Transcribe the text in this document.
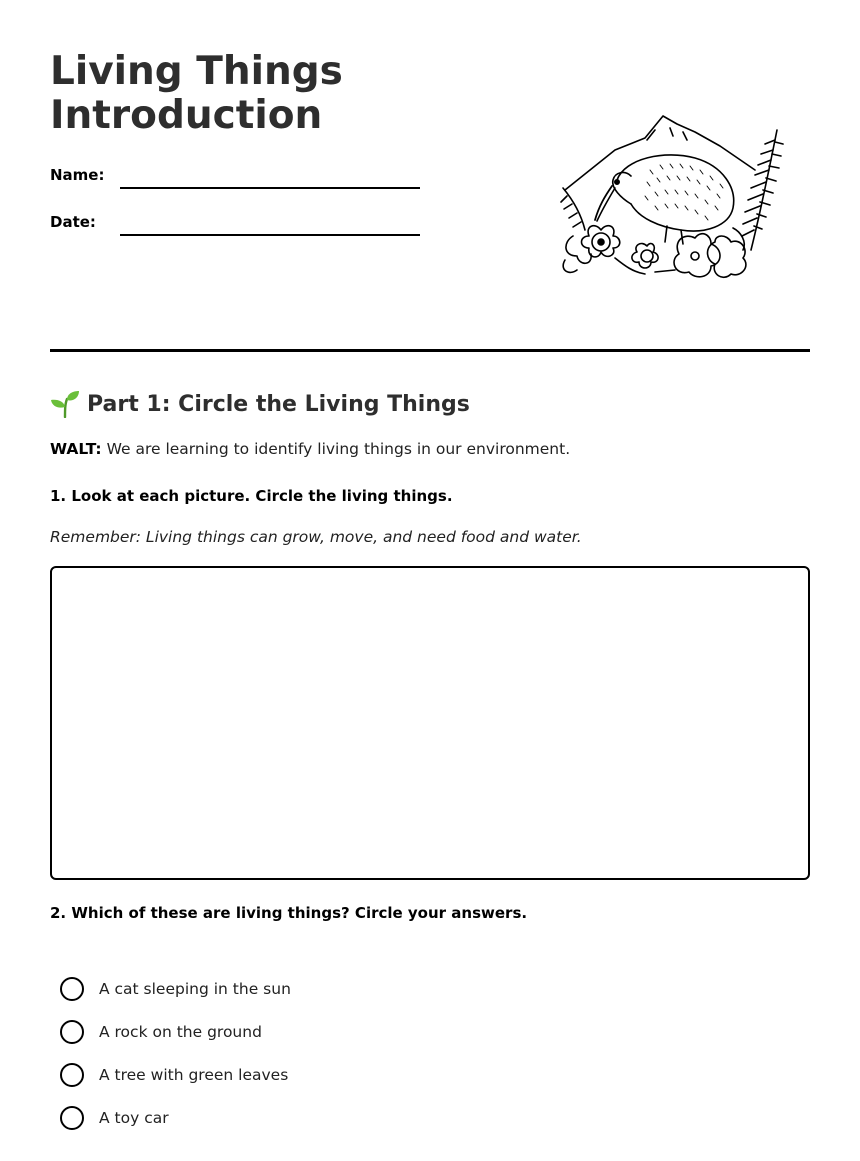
Living Things
Introduction
Name:
Date:
Part 1: Circle the Living Things
WALT: We are learning to identify living things in our environment.
1. Look at each picture. Circle the living things.
Remember: Living things can grow, move, and need food and water.
2. Which of these are living things? Circle your answers.
A cat sleeping in the sun
A rock on the ground
A tree with green leaves
A toy car
